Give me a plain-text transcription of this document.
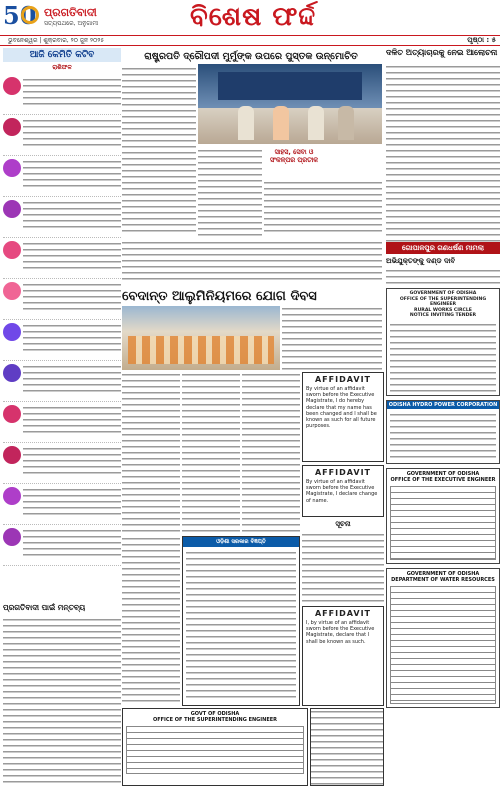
50 ପ୍ରଗତିବାଦୀ
ସତ୍ୟପଥରେ, ଅନୁଗାମୀ	ବିଶେଷ ଫର୍ଦ୍ଦ
ଭୁବନେଶ୍ୱର | ଶୁକ୍ରବାର, ୨୦ ଜୁନ ୨୦୨୫	ପୃଷ୍ଠା : ୫
ଆଜି କେମିତି କଟିବ
ରାଶିଫଳ
ରାଷ୍ଟ୍ରପତି ଦ୍ରୌପଦୀ ମୁର୍ମୁଙ୍କ ଉପରେ ପୁସ୍ତକ ଉନ୍ମୋଚିତ
ସାହସ, ସେବା ଓ ସଂକଳ୍ପର ପ୍ରତୀକ
ଦଳିତ ଅତ୍ୟାଚାରକୁ ନେଇ ଆଲୋଚନା
ଗୋପାଳପୁର ଗଣଧର୍ଷଣ ମାମଲା
ଅଭିଯୁକ୍ତଙ୍କୁ ଦଣ୍ଡ ଦାବି
ବେଦାନ୍ତ ଆଲୁମିନିୟମରେ ଯୋଗ ଦିବସ	GOVERNMENT OF ODISHA
OFFICE OF THE SUPERINTENDING ENGINEER
RURAL WORKS CIRCLE
NOTICE INVITING TENDER
ODISHA HYDRO POWER CORPORATION LTD
GOVERNMENT OF ODISHA
OFFICE OF THE EXECUTIVE ENGINEER
GOVERNMENT OF ODISHA
DEPARTMENT OF WATER RESOURCES
ପ୍ରଗତିବାଦୀ ପାଇଁ ମନ୍ତବ୍ୟ
AFFIDAVIT
By virtue of an affidavit sworn before the Executive Magistrate, I do hereby declare that my name has been changed and I shall be known as such for all future purposes.
AFFIDAVIT
By virtue of an affidavit sworn before the Executive Magistrate, I declare change of name.
ସୂଚନା
ଓଡ଼ିଶା ସରକାର ବିଜ୍ଞପ୍ତି
AFFIDAVIT
I, by virtue of an affidavit sworn before the Executive Magistrate, declare that I shall be known as such.
GOVT OF ODISHA
OFFICE OF THE SUPERINTENDING ENGINEER
